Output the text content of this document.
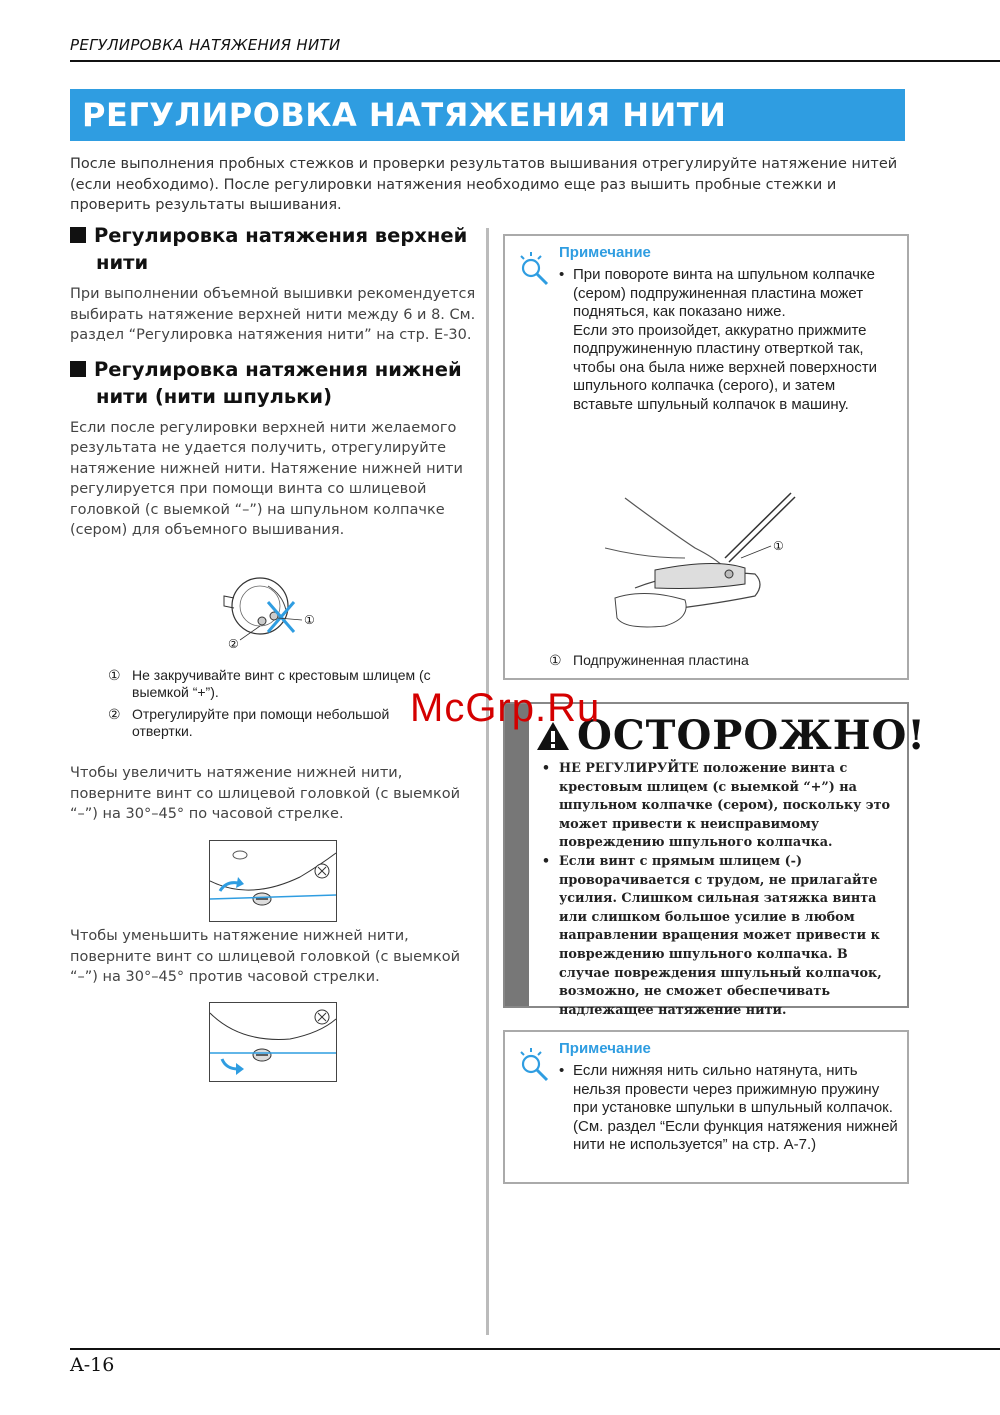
РЕГУЛИРОВКА НАТЯЖЕНИЯ НИТИ
РЕГУЛИРОВКА НАТЯЖЕНИЯ НИТИ
После выполнения пробных стежков и проверки результатов вышивания отрегулируйте натяжение нитей (если необходимо). После регулировки натяжения необходимо еще раз вышить пробные стежки и проверить результаты вышивания.

Регулировка натяжения верхней нити

При выполнении объемной вышивки рекомендуется выбирать натяжение верхней нити между 6 и 8. См. раздел “Регулировка натяжения нити” на стр. E-30.

Регулировка натяжения нижней нити (нити шпульки)

Если после регулировки верхней нити желаемого результата не удается получить, отрегулируйте натяжение нижней нити. Натяжение нижней нити регулируется при помощи винта со шлицевой головкой (с выемкой “–”) на шпульном колпачке (сером) для объемного вышивания.

①
②
① Не закручивайте винт с крестовым шлицем (с выемкой “+”).
② Отрегулируйте при помощи небольшой отвертки.
Чтобы увеличить натяжение нижней нити, поверните винт со шлицевой головкой (с выемкой “–”) на 30°–45° по часовой стрелке.
Чтобы уменьшить натяжение нижней нити, поверните винт со шлицевой головкой (с выемкой “–”) на 30°–45° против часовой стрелки.
Примечание
• При повороте винта на шпульном колпачке (сером) подпружиненная пластина может подняться, как показано ниже.
Если это произойдет, аккуратно прижмите подпружиненную пластину отверткой так, чтобы она была ниже верхней поверхности шпульного колпачка (серого), и затем вставьте шпульный колпачок в машину.
①
① Подпружиненная пластина
ОСТОРОЖНО!
• НЕ РЕГУЛИРУЙТЕ положение винта с крестовым шлицем (с выемкой “+”) на шпульном колпачке (сером), поскольку это может привести к неисправимому повреждению шпульного колпачка.
• Если винт с прямым шлицем (-) проворачивается с трудом, не прилагайте усилия. Слишком сильная затяжка винта или слишком большое усилие в любом направлении вращения может привести к повреждению шпульного колпачка. В случае повреждения шпульный колпачок, возможно, не сможет обеспечивать надлежащее натяжение нити.
McGrp.Ru
Примечание
• Если нижняя нить сильно натянута, нить нельзя провести через прижимную пружину при установке шпульки в шпульный колпачок. (См. раздел “Если функция натяжения нижней нити не используется” на стр. A-7.)
A-16
